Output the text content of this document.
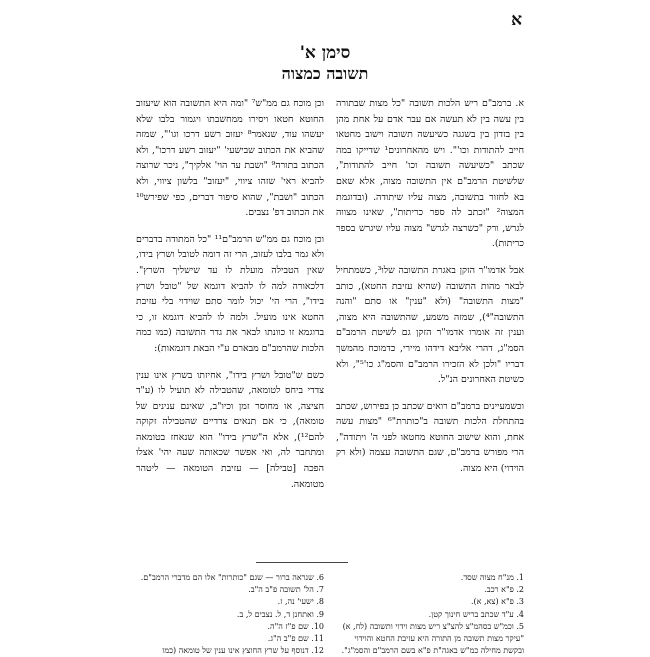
א
סימן א'
תשובה כמצוה

א. ברמב"ם ריש הלכות תשובה "כל מצות שבתורה בין עשה בין לא תעשה אם עבר אדם על אחת מהן בין בזדון בין בשגגה כשיעשה תשובה וישוב מחטאו חייב להתודות וכו'". ויש מהאחרונים¹ שדייקו במה שכתב "כשיעשה תשובה וכו' חייב להתודות", שלשיטת הרמב"ם אין התשובה מצוה, אלא שאם בא לחזור בתשובה, מצוה עליו שיתודה. (ובדוגמת המצוה² "זכתב לה ספר כריתות", שאינו מצווה לגרש, ורק "כשרצה לגרש" מצוה עליו שיגרש בספר כריתות).

אבל אדמו"ר הזקן באגרת התשובה שלו³, כשמתחיל לבאר מהות התשובה (שהיא עזיבת החטא), כותב "מצות התשובה" (ולא "ענין" או סתם "והנה התשובה"⁴), שמזה משמע, שהתשובה היא מצוה, וענין זה אומרו אדמו"ר הזקן גם לשיטת הרמב"ם הסמ"ג, דהרי אליבא דידהו מיירי, כדמוכח מהמשך דבריו "ולכן לא הזכירו הרמב"ם והסמ"ג כו'⁵", ולא כשיטת האחרונים הנ"ל.

וכשמעיינים ברמב"ם רואים שכתב כן בפירוש, שכתב בהתחלת הלכות תשובה ב"כותרת"⁶ "מצות עשה אחת, והוא שישוב החוטא מחטאו לפני ה' ויתודה", הרי מפורש ברמב"ם, שגם התשובה עצמה (ולא רק הוידוי) היא מצוה.

וכן מוכח גם ממ"ש⁷ "ומה היא התשובה הוא שיעזוב החוטא חטאו ויסירו ממחשבתו ויגמור בלבו שלא יעשהו עוד, שנאמר⁸ יעזוב רשע דרכו וגו'", שמזה שהביא את הכתוב שבישעי' "יעזוב רשע דרכו", ולא הכתוב בתורה⁹ "ושבת עד הוי' אלקיך", ניכר שרוצה להביא ראי' שזהו ציווי, "יעזוב" בלשון ציווי, ולא הכתוב "ושבת", שהוא סיפור דברים, כפי שפירש¹⁰ את הכתוב דפ' נצבים.

וכן מוכח גם ממ"ש הרמב"ם¹¹ "כל המתודה בדברים ולא גמר בלבו לעזוב, הרי זה דומה לטובל ושרץ בידו, שאין הטבילה מועלת לו עד שישליך השרץ". דלכאורה למה לו להביא דוגמא של "טובל ושרץ בידו", הרי הי' יכול לומר סתם שוידוי בלי עזיבת החטא אינו מועיל. ולמה לו להביא דוגמא זו, כי בדוגמא זו כוונתו לבאר את גדר התשובה (כמו כמה הלכות שהרמב"ם מבארם ע"י הבאת דוגמאות):

כשם ש"טובל ושרץ בידו", אחיזתו בשרץ אינו ענין צדדי ביחס לטומאה, שהטבילה לא תועיל לו (ע"ד חציצה, או מחוסר זמן וכיו"ב, שאינם ענינים של טומאה), כי אם תנאים צדדיים שהטבילה זקוקה להם¹²), אלא ה"שרץ בידו" הוא שנאחז בטומאה ומתחבר לה, ואי אפשר שכאותה שעה יהי' אצלו הפכה [טבילה] — עזיבת הטומאה — ליטהר מטומאה.

1. מנ"ח מצוה שסד.

2. פ"א רכב.

3. פ"א (צא, א).

4. ע"ד שכתב בריש חינוך קטן.

5. וכמ"ש בסהמ"צ להצ"צ ריש מצות וידוי ותשובה (לח, א) "עיקר מצות תשובה מן התורה היא עזיבת החטא והוידוי ובקשת מחילה כמ"ש באגה"ת פ"א בשם הרמב"ם והסמ"ג".

6. שנראה ברור — שגם "כותרות" אלו הם מדברי הרמב"ם.

7. הל' תשובה פ"ב ה"ב.

8. ישעי' נה, ז.

9. ואתחנן ד, ל. נצבים ל, ב.

10. שם פ"ז ה"ה.

11. שם פ"ב ה"ג.

12. דנוסף על שרץ החוצץ אינו ענין של טומאה (כמו
